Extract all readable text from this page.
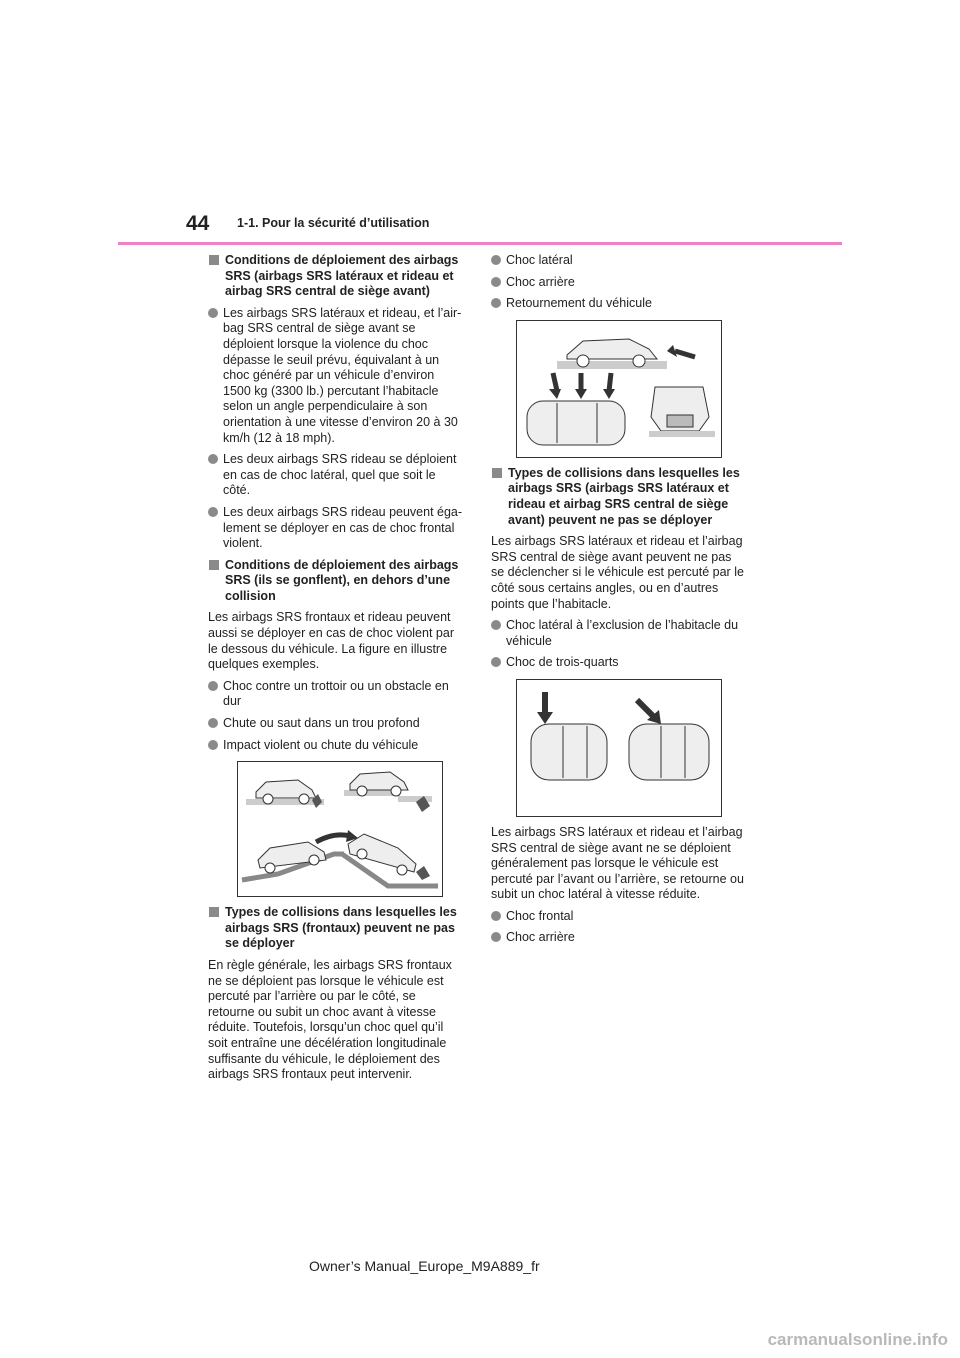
44 1-1. Pour la sécurité d’utilisation
Conditions de déploiement des airbags SRS (airbags SRS latéraux et rideau et airbag SRS central de siège avant)
Les airbags SRS latéraux et rideau, et l’air-bag SRS central de siège avant se déploient lorsque la violence du choc dépasse le seuil prévu, équivalant à un choc généré par un véhicule d’environ 1500 kg (3300 lb.) percutant l’habitacle selon un angle perpendiculaire à son orientation à une vitesse d’environ 20 à 30 km/h (12 à 18 mph).
Les deux airbags SRS rideau se déploient en cas de choc latéral, quel que soit le côté.
Les deux airbags SRS rideau peuvent éga-lement se déployer en cas de choc frontal violent.
Conditions de déploiement des airbags SRS (ils se gonflent), en dehors d’une collision
Les airbags SRS frontaux et rideau peuvent aussi se déployer en cas de choc violent par le dessous du véhicule. La figure en illustre quelques exemples.
Choc contre un trottoir ou un obstacle en dur
Chute ou saut dans un trou profond
Impact violent ou chute du véhicule
Types de collisions dans lesquelles les airbags SRS (frontaux) peuvent ne pas se déployer
En règle générale, les airbags SRS frontaux ne se déploient pas lorsque le véhicule est percuté par l’arrière ou par le côté, se retourne ou subit un choc avant à vitesse réduite. Toutefois, lorsqu’un choc quel qu’il soit entraîne une décélération longitudinale suffisante du véhicule, le déploiement des airbags SRS frontaux peut intervenir.
Choc latéral
Choc arrière
Retournement du véhicule
Types de collisions dans lesquelles les airbags SRS (airbags SRS latéraux et rideau et airbag SRS central de siège avant) peuvent ne pas se déployer
Les airbags SRS latéraux et rideau et l’airbag SRS central de siège avant peuvent ne pas se déclencher si le véhicule est percuté par le côté sous certains angles, ou en d’autres points que l’habitacle.
Choc latéral à l’exclusion de l’habitacle du véhicule
Choc de trois-quarts
Les airbags SRS latéraux et rideau et l’airbag SRS central de siège avant ne se déploient généralement pas lorsque le véhicule est percuté par l’avant ou l’arrière, se retourne ou subit un choc latéral à vitesse réduite.
Choc frontal
Choc arrière
Owner’s Manual_Europe_M9A889_fr
carmanualsonline.info
